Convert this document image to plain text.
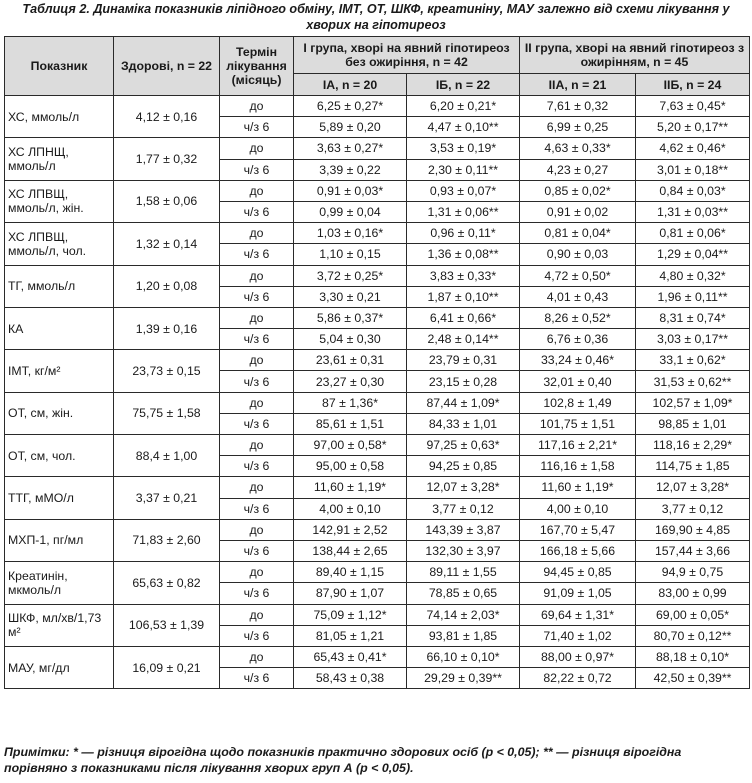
Таблиця 2. Динаміка показників ліпідного обміну, ІМТ, ОТ, ШКФ, креатиніну, МАУ залежно від схеми лікування у хворих на гіпотиреоз
Показник	Здорові, n = 22	Термін лікування (місяць)	I група, хворі на явний гіпотиреоз без ожиріння, n = 42		II група, хворі на явний гіпотиреоз з ожирінням, n = 45	
			IA, n = 20	IБ, n = 22	IIA, n = 21	IIБ, n = 24
ХС, ммоль/л	4,12 ± 0,16	до	6,25 ± 0,27*	6,20 ± 0,21*	7,61 ± 0,32	7,63 ± 0,45*
		ч/з 6	5,89 ± 0,20	4,47 ± 0,10**	6,99 ± 0,25	5,20 ± 0,17**
ХС ЛПНЩ, ммоль/л	1,77 ± 0,32	до	3,63 ± 0,27*	3,53 ± 0,19*	4,63 ± 0,33*	4,62 ± 0,46*
		ч/з 6	3,39 ± 0,22	2,30 ± 0,11**	4,23 ± 0,27	3,01 ± 0,18**
ХС ЛПВЩ, ммоль/л, жін.	1,58 ± 0,06	до	0,91 ± 0,03*	0,93 ± 0,07*	0,85 ± 0,02*	0,84 ± 0,03*
		ч/з 6	0,99 ± 0,04	1,31 ± 0,06**	0,91 ± 0,02	1,31 ± 0,03**
ХС ЛПВЩ, ммоль/л, чол.	1,32 ± 0,14	до	1,03 ± 0,16*	0,96 ± 0,11*	0,81 ± 0,04*	0,81 ± 0,06*
		ч/з 6	1,10 ± 0,15	1,36 ± 0,08**	0,90 ± 0,03	1,29 ± 0,04**
ТГ, ммоль/л	1,20 ± 0,08	до	3,72 ± 0,25*	3,83 ± 0,33*	4,72 ± 0,50*	4,80 ± 0,32*
		ч/з 6	3,30 ± 0,21	1,87 ± 0,10**	4,01 ± 0,43	1,96 ± 0,11**
КА	1,39 ± 0,16	до	5,86 ± 0,37*	6,41 ± 0,66*	8,26 ± 0,52*	8,31 ± 0,74*
		ч/з 6	5,04 ± 0,30	2,48 ± 0,14**	6,76 ± 0,36	3,03 ± 0,17**
ІМТ, кг/м²	23,73 ± 0,15	до	23,61 ± 0,31	23,79 ± 0,31	33,24 ± 0,46*	33,1 ± 0,62*
		ч/з 6	23,27 ± 0,30	23,15 ± 0,28	32,01 ± 0,40	31,53 ± 0,62**
ОТ, см, жін.	75,75 ± 1,58	до	87 ± 1,36*	87,44 ± 1,09*	102,8 ± 1,49	102,57 ± 1,09*
		ч/з 6	85,61 ± 1,51	84,33 ± 1,01	101,75 ± 1,51	98,85 ± 1,01
ОТ, см, чол.	88,4 ± 1,00	до	97,00 ± 0,58*	97,25 ± 0,63*	117,16 ± 2,21*	118,16 ± 2,29*
		ч/з 6	95,00 ± 0,58	94,25 ± 0,85	116,16 ± 1,58	114,75 ± 1,85
ТТГ, мМО/л	3,37 ± 0,21	до	11,60 ± 1,19*	12,07 ± 3,28*	11,60 ± 1,19*	12,07 ± 3,28*
		ч/з 6	4,00 ± 0,10	3,77 ± 0,12	4,00 ± 0,10	3,77 ± 0,12
МХП-1, пг/мл	71,83 ± 2,60	до	142,91 ± 2,52	143,39 ± 3,87	167,70 ± 5,47	169,90 ± 4,85
		ч/з 6	138,44 ± 2,65	132,30 ± 3,97	166,18 ± 5,66	157,44 ± 3,66
Креатинін, мкмоль/л	65,63 ± 0,82	до	89,40 ± 1,15	89,11 ± 1,55	94,45 ± 0,85	94,9 ± 0,75
		ч/з 6	87,90 ± 1,07	78,85 ± 0,65	91,09 ± 1,05	83,00 ± 0,99
ШКФ, мл/хв/1,73 м²	106,53 ± 1,39	до	75,09 ± 1,12*	74,14 ± 2,03*	69,64 ± 1,31*	69,00 ± 0,05*
		ч/з 6	81,05 ± 1,21	93,81 ± 1,85	71,40 ± 1,02	80,70 ± 0,12**
МАУ, мг/дл	16,09 ± 0,21	до	65,43 ± 0,41*	66,10 ± 0,10*	88,00 ± 0,97*	88,18 ± 0,10*
		ч/з 6	58,43 ± 0,38	29,29 ± 0,39**	82,22 ± 0,72	42,50 ± 0,39**
Примітки: * — різниця вірогідна щодо показників практично здорових осіб (p < 0,05); ** — різниця вірогідна порівняно з показниками після лікування хворих груп А (p < 0,05).
